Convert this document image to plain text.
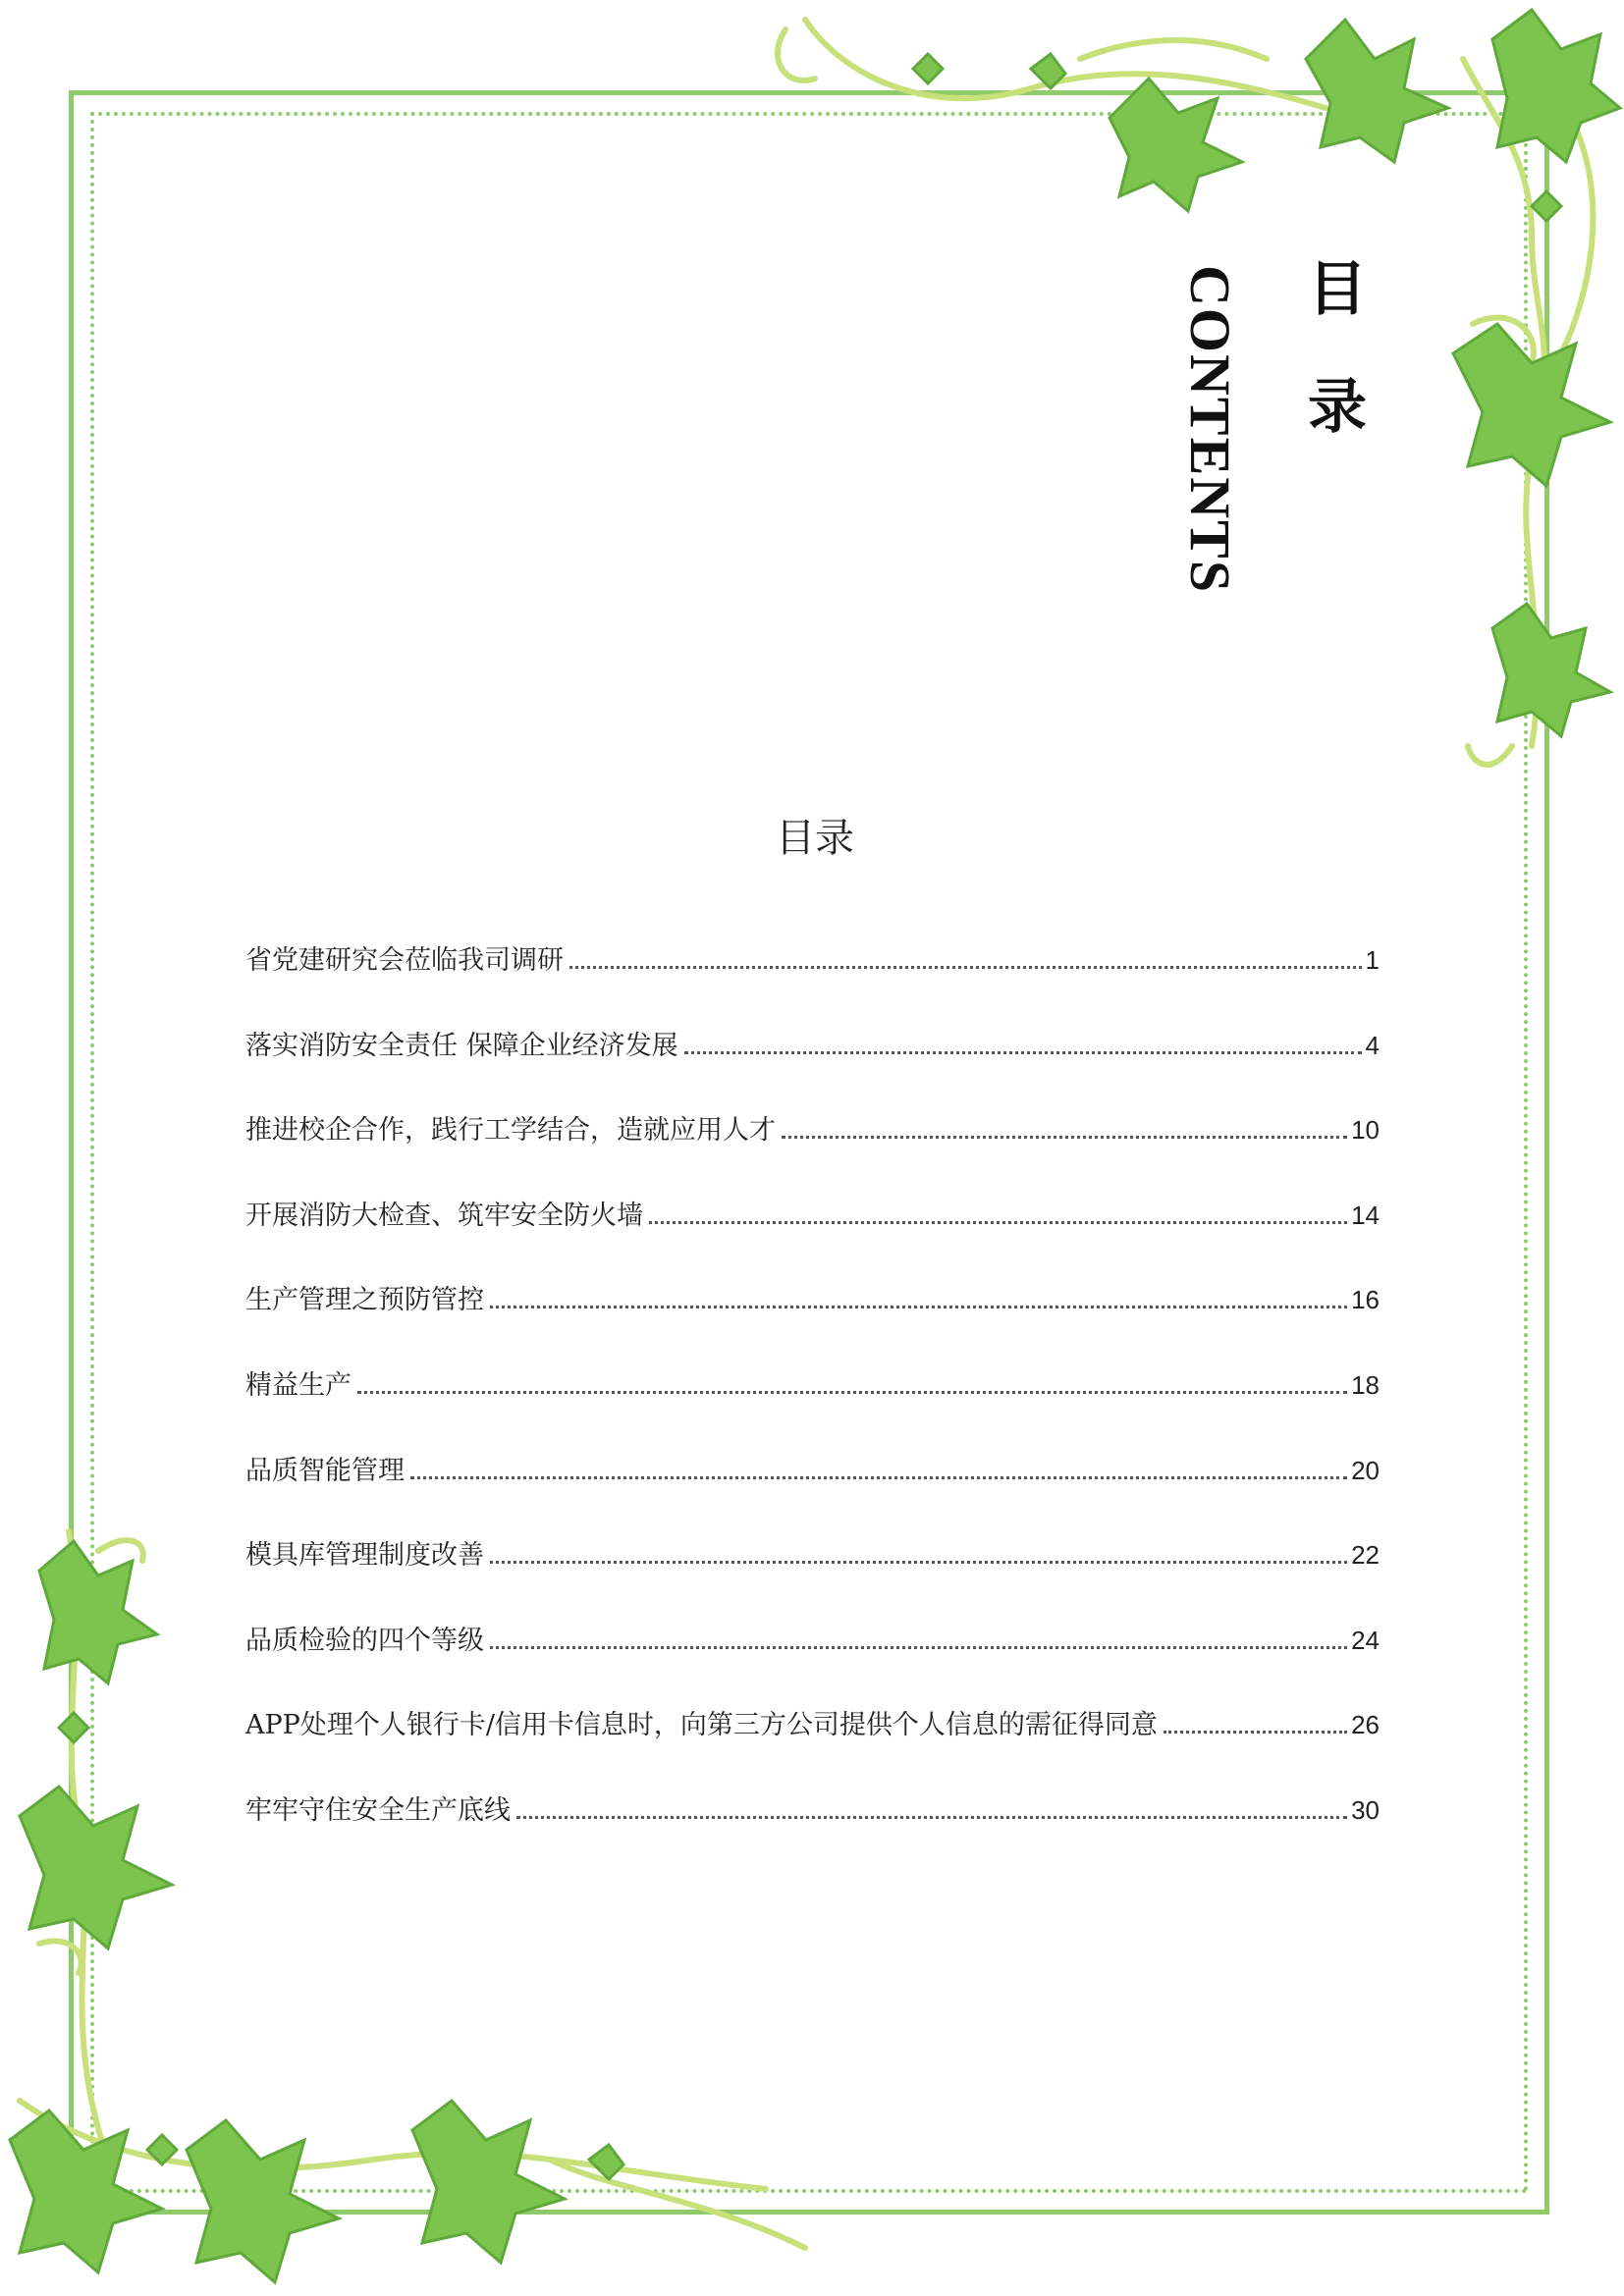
目录
CONTENTS
目录
省党建研究会莅临我司调研	1
落实消防安全责任 保障企业经济发展	4
推进校企合作，践行工学结合，造就应用人才	10
开展消防大检查、筑牢安全防火墙	14
生产管理之预防管控	16
精益生产	18
品质智能管理	20
模具库管理制度改善	22
品质检验的四个等级	24
APP处理个人银行卡/信用卡信息时，向第三方公司提供个人信息的需征得同意	26
牢牢守住安全生产底线	30
